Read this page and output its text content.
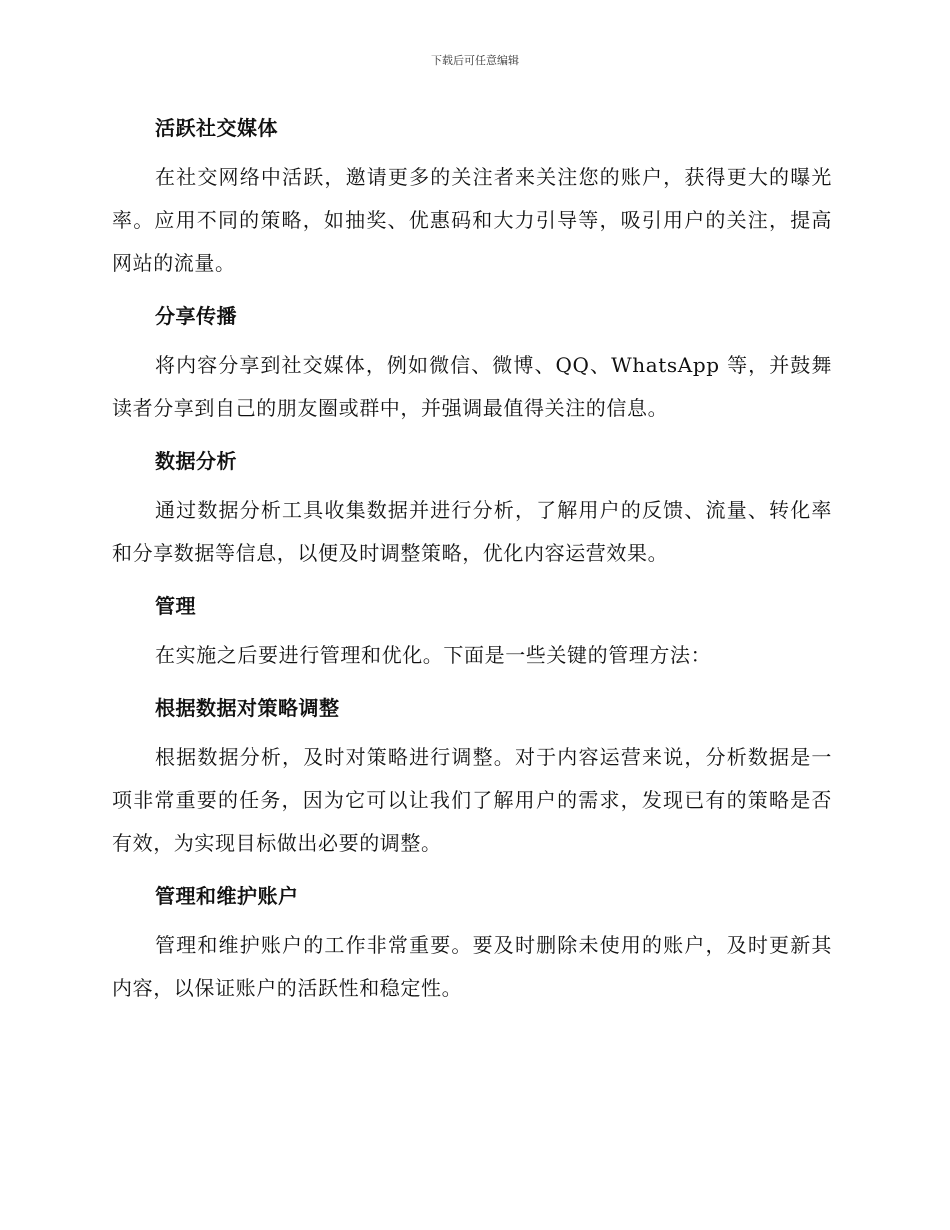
下载后可任意编辑
活跃社交媒体

在社交网络中活跃，邀请更多的关注者来关注您的账户，获得更大的曝光率。应用不同的策略，如抽奖、优惠码和大力引导等，吸引用户的关注，提高网站的流量。

分享传播

将内容分享到社交媒体，例如微信、微博、QQ、WhatsApp 等，并鼓舞读者分享到自己的朋友圈或群中，并强调最值得关注的信息。

数据分析

通过数据分析工具收集数据并进行分析，了解用户的反馈、流量、转化率和分享数据等信息，以便及时调整策略，优化内容运营效果。

管理

在实施之后要进行管理和优化。下面是一些关键的管理方法：

根据数据对策略调整

根据数据分析，及时对策略进行调整。对于内容运营来说，分析数据是一项非常重要的任务，因为它可以让我们了解用户的需求，发现已有的策略是否有效，为实现目标做出必要的调整。

管理和维护账户

管理和维护账户的工作非常重要。要及时删除未使用的账户，及时更新其内容，以保证账户的活跃性和稳定性。
